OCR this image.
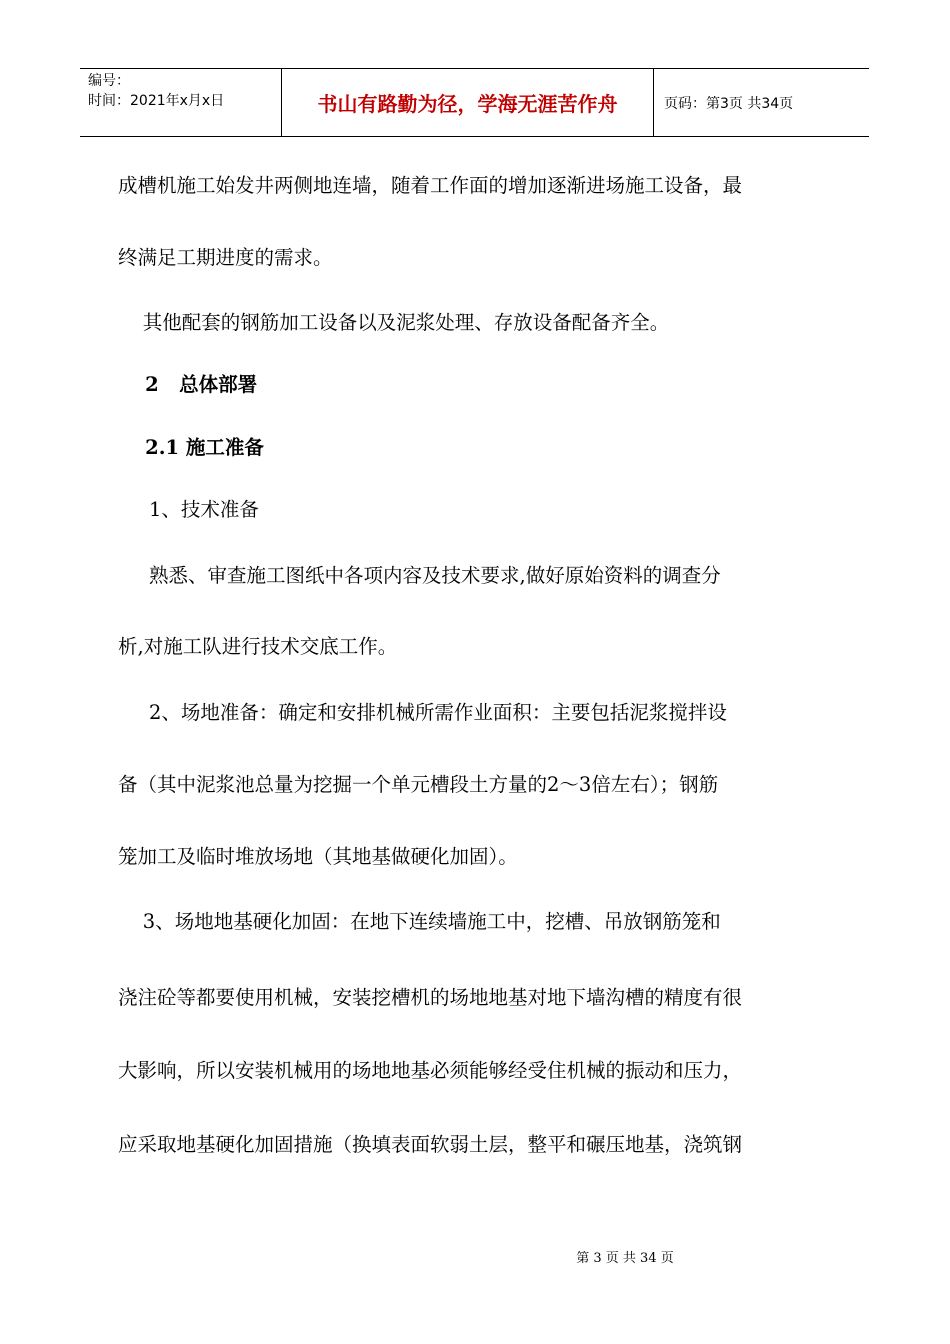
编号：
时间：2021年x月x日	书山有路勤为径，学海无涯苦作舟	页码：第3页 共34页
成槽机施工始发井两侧地连墙，随着工作面的增加逐渐进场施工设备，最
终满足工期进度的需求。
其他配套的钢筋加工设备以及泥浆处理、存放设备配备齐全。
2   总体部署
2.1 施工准备
1、技术准备
熟悉、审查施工图纸中各项内容及技术要求,做好原始资料的调查分
析,对施工队进行技术交底工作。
2、场地准备：确定和安排机械所需作业面积：主要包括泥浆搅拌设
备（其中泥浆池总量为挖掘一个单元槽段土方量的2～3倍左右）；钢筋
笼加工及临时堆放场地（其地基做硬化加固）。
3、场地地基硬化加固：在地下连续墙施工中，挖槽、吊放钢筋笼和
浇注砼等都要使用机械，安装挖槽机的场地地基对地下墙沟槽的精度有很
大影响，所以安装机械用的场地地基必须能够经受住机械的振动和压力，
应采取地基硬化加固措施（换填表面软弱土层，整平和碾压地基，浇筑钢
第 3 页 共 34 页
